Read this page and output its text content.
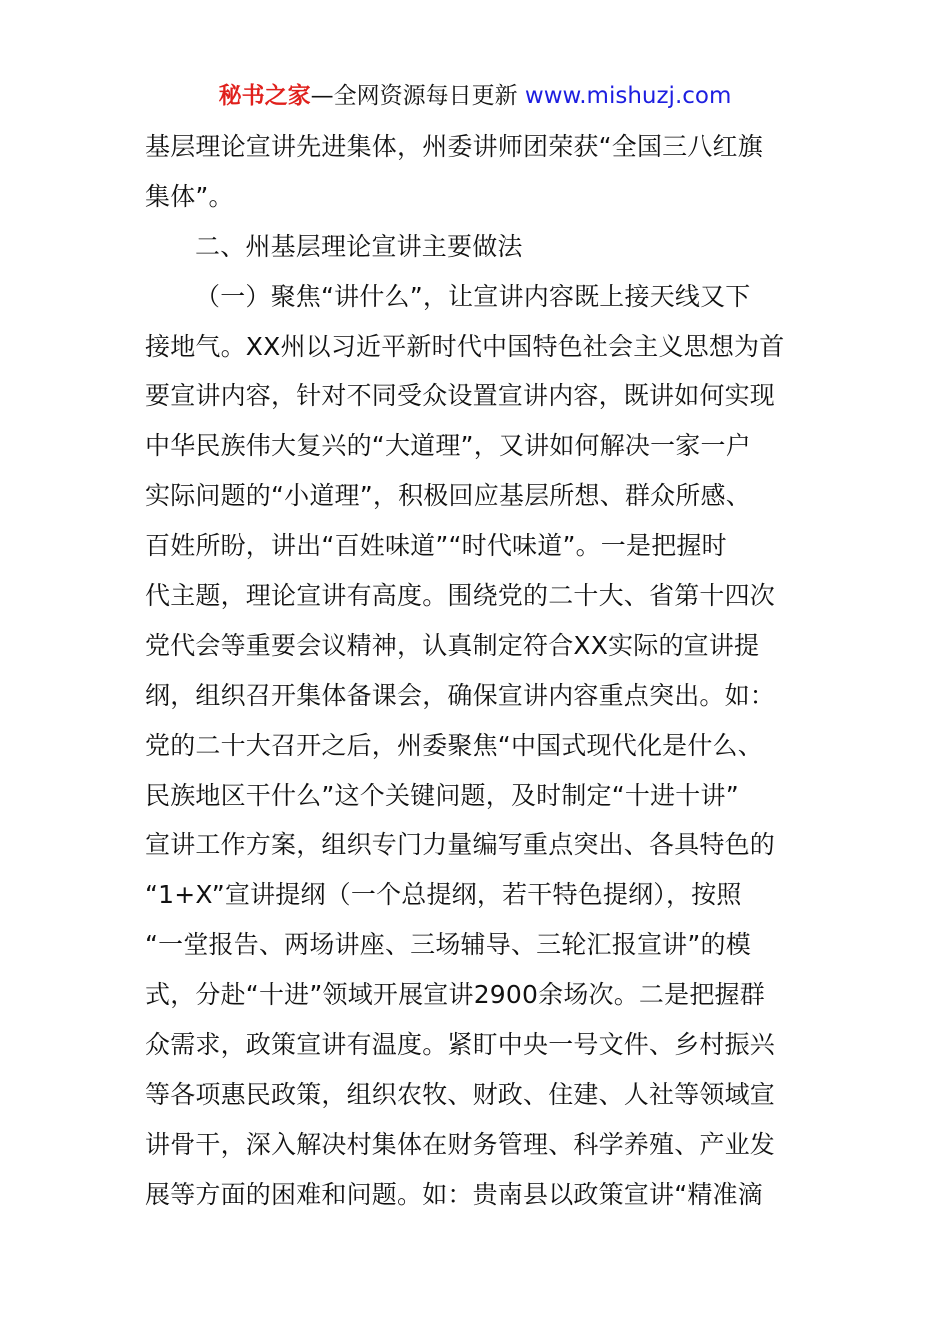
秘书之家—全网资源每日更新 www.mishuzj.com
基层理论宣讲先进集体，州委讲师团荣获“全国三八红旗
集体”。
二、州基层理论宣讲主要做法
（一）聚焦“讲什么”，让宣讲内容既上接天线又下
接地气。XX州以习近平新时代中国特色社会主义思想为首
要宣讲内容，针对不同受众设置宣讲内容，既讲如何实现
中华民族伟大复兴的“大道理”，又讲如何解决一家一户
实际问题的“小道理”，积极回应基层所想、群众所感、
百姓所盼，讲出“百姓味道”“时代味道”。一是把握时
代主题，理论宣讲有高度。围绕党的二十大、省第十四次
党代会等重要会议精神，认真制定符合XX实际的宣讲提
纲，组织召开集体备课会，确保宣讲内容重点突出。如：
党的二十大召开之后，州委聚焦“中国式现代化是什么、
民族地区干什么”这个关键问题，及时制定“十进十讲”
宣讲工作方案，组织专门力量编写重点突出、各具特色的
“1+X”宣讲提纲（一个总提纲，若干特色提纲），按照
“一堂报告、两场讲座、三场辅导、三轮汇报宣讲”的模
式，分赴“十进”领域开展宣讲2900余场次。二是把握群
众需求，政策宣讲有温度。紧盯中央一号文件、乡村振兴
等各项惠民政策，组织农牧、财政、住建、人社等领域宣
讲骨干，深入解决村集体在财务管理、科学养殖、产业发
展等方面的困难和问题。如：贵南县以政策宣讲“精准滴
